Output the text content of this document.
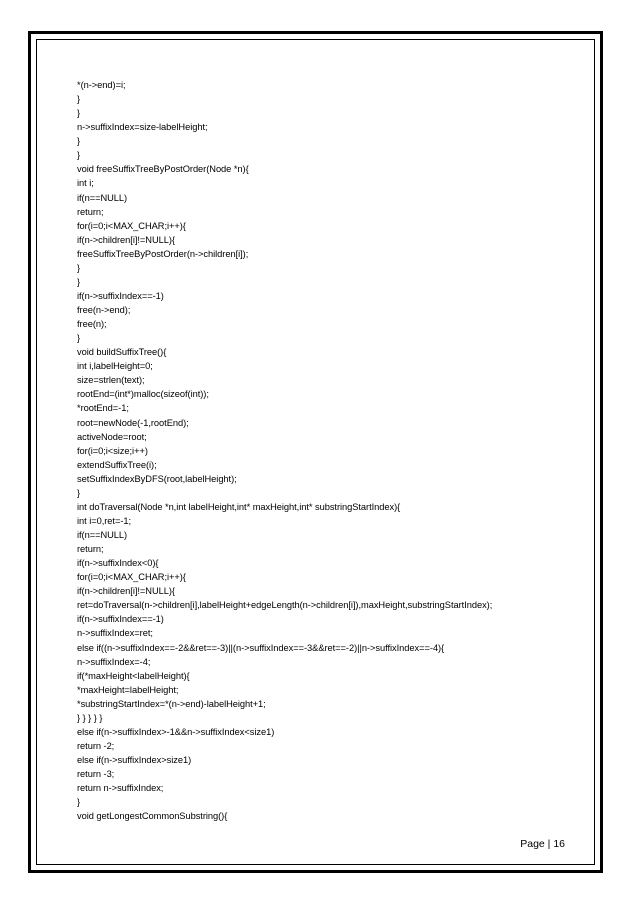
*(n->end)=i;
}
}
n->suffixIndex=size-labelHeight;
}
}
void freeSuffixTreeByPostOrder(Node *n){
int i;
if(n==NULL)
return;
for(i=0;i<MAX_CHAR;i++){
if(n->children[i]!=NULL){
freeSuffixTreeByPostOrder(n->children[i]);
}
}
if(n->suffixIndex==-1)
free(n->end);
free(n);
}
void buildSuffixTree(){
int i,labelHeight=0;
size=strlen(text);
rootEnd=(int*)malloc(sizeof(int));
*rootEnd=-1;
root=newNode(-1,rootEnd);
activeNode=root;
for(i=0;i<size;i++)
extendSuffixTree(i);
setSuffixIndexByDFS(root,labelHeight);
}
int doTraversal(Node *n,int labelHeight,int* maxHeight,int* substringStartIndex){
int i=0,ret=-1;
if(n==NULL)
return;
if(n->suffixIndex<0){
for(i=0;i<MAX_CHAR;i++){
if(n->children[i]!=NULL){
ret=doTraversal(n->children[i],labelHeight+edgeLength(n->children[i]),maxHeight,substringStartIndex);
if(n->suffixIndex==-1)
n->suffixIndex=ret;
else if((n->suffixIndex==-2&&ret==-3)||(n->suffixIndex==-3&&ret==-2)||n->suffixIndex==-4){
n->suffixIndex=-4;
if(*maxHeight<labelHeight){
*maxHeight=labelHeight;
*substringStartIndex=*(n->end)-labelHeight+1;
} } } } }
else if(n->suffixIndex>-1&&n->suffixIndex<size1)
return -2;
else if(n->suffixIndex>size1)
return -3;
return n->suffixIndex;
}
void getLongestCommonSubstring(){
Page | 16
